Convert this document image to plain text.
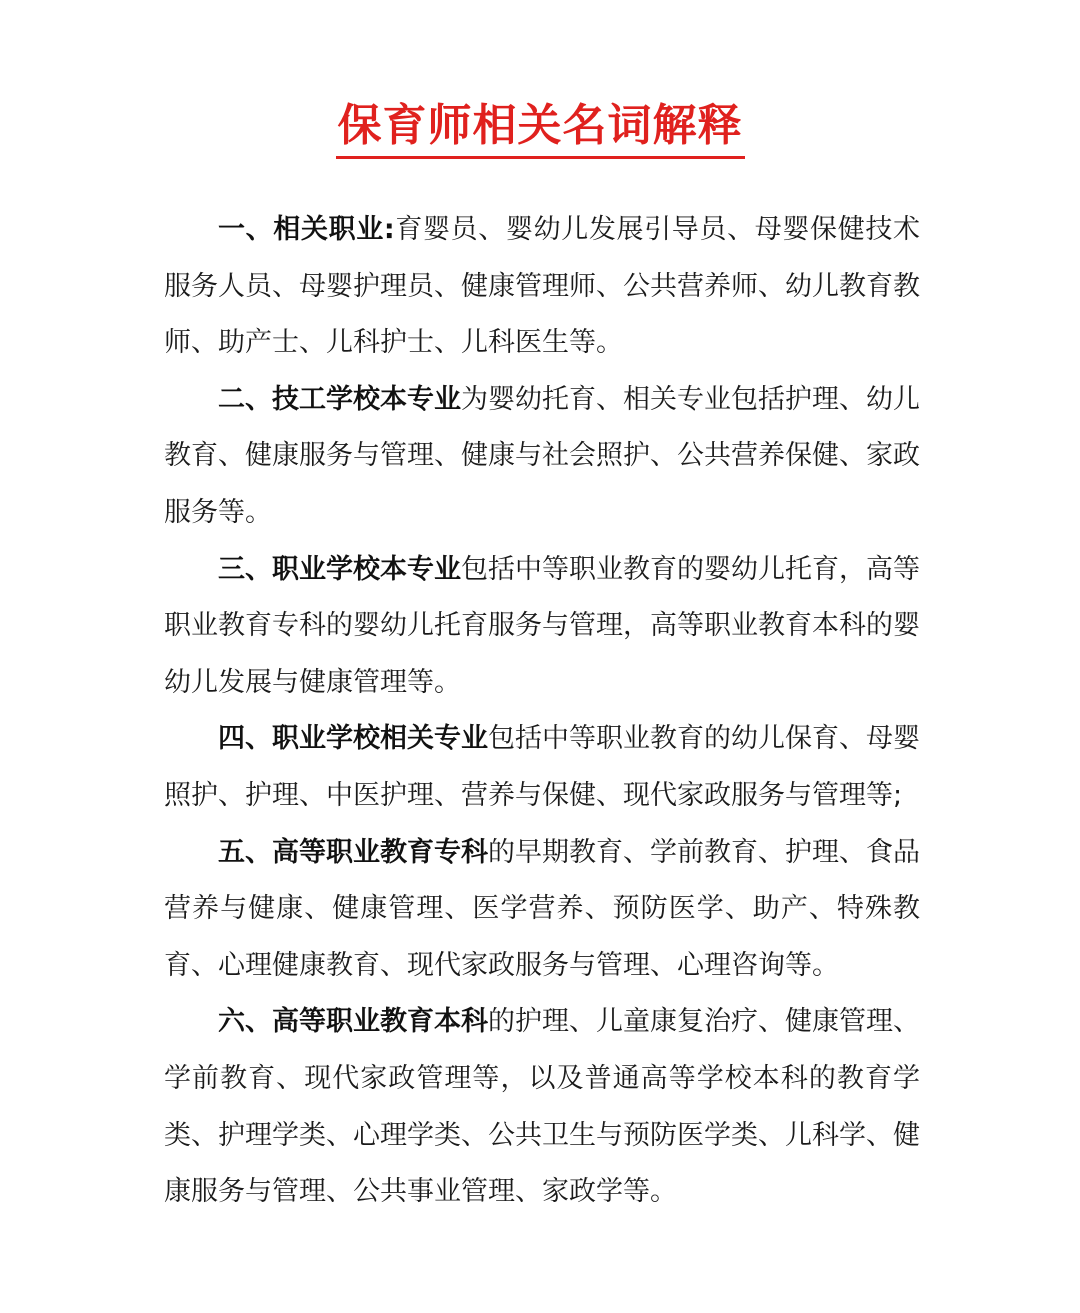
保育师相关名词解释

一、相关职业:育婴员、婴幼儿发展引导员、母婴保健技术服务人员、母婴护理员、健康管理师、公共营养师、幼儿教育教师、助产士、儿科护士、儿科医生等。

二、技工学校本专业为婴幼托育、相关专业包括护理、幼儿教育、健康服务与管理、健康与社会照护、公共营养保健、家政服务等。

三、职业学校本专业包括中等职业教育的婴幼儿托育，高等职业教育专科的婴幼儿托育服务与管理，高等职业教育本科的婴幼儿发展与健康管理等。

四、职业学校相关专业包括中等职业教育的幼儿保育、母婴照护、护理、中医护理、营养与保健、现代家政服务与管理等;

五、高等职业教育专科的早期教育、学前教育、护理、食品营养与健康、健康管理、医学营养、预防医学、助产、特殊教育、心理健康教育、现代家政服务与管理、心理咨询等。

六、高等职业教育本科的护理、儿童康复治疗、健康管理、学前教育、现代家政管理等，以及普通高等学校本科的教育学类、护理学类、心理学类、公共卫生与预防医学类、儿科学、健康服务与管理、公共事业管理、家政学等。
